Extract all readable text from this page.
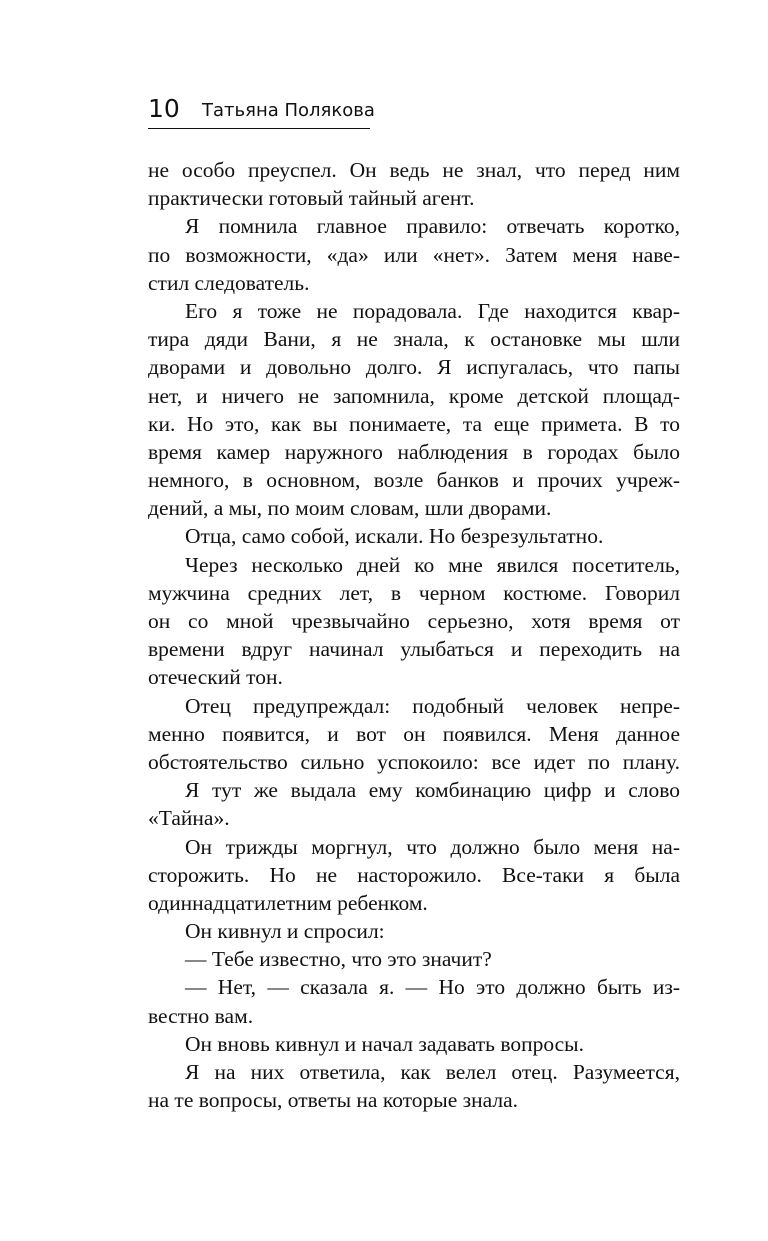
10 Татьяна Полякова
не особо преуспел. Он ведь не знал, что перед ним
практически готовый тайный агент.
Я помнила главное правило: отвечать коротко,
по возможности, «да» или «нет». Затем меня наве-
стил следователь.
Его я тоже не порадовала. Где находится квар-
тира дяди Вани, я не знала, к остановке мы шли
дворами и довольно долго. Я испугалась, что папы
нет, и ничего не запомнила, кроме детской площад-
ки. Но это, как вы понимаете, та еще примета. В то
время камер наружного наблюдения в городах было
немного, в основном, возле банков и прочих учреж-
дений, а мы, по моим словам, шли дворами.
Отца, само собой, искали. Но безрезультатно.
Через несколько дней ко мне явился посетитель,
мужчина средних лет, в черном костюме. Говорил
он со мной чрезвычайно серьезно, хотя время от
времени вдруг начинал улыбаться и переходить на
отеческий тон.
Отец предупреждал: подобный человек непре-
менно появится, и вот он появился. Меня данное
обстоятельство сильно успокоило: все идет по плану.
Я тут же выдала ему комбинацию цифр и слово
«Тайна».
Он трижды моргнул, что должно было меня на-
сторожить. Но не насторожило. Все-таки я была
одиннадцатилетним ребенком.
Он кивнул и спросил:
— Тебе известно, что это значит?
— Нет, — сказала я. — Но это должно быть из-
вестно вам.
Он вновь кивнул и начал задавать вопросы.
Я на них ответила, как велел отец. Разумеется,
на те вопросы, ответы на которые знала.
